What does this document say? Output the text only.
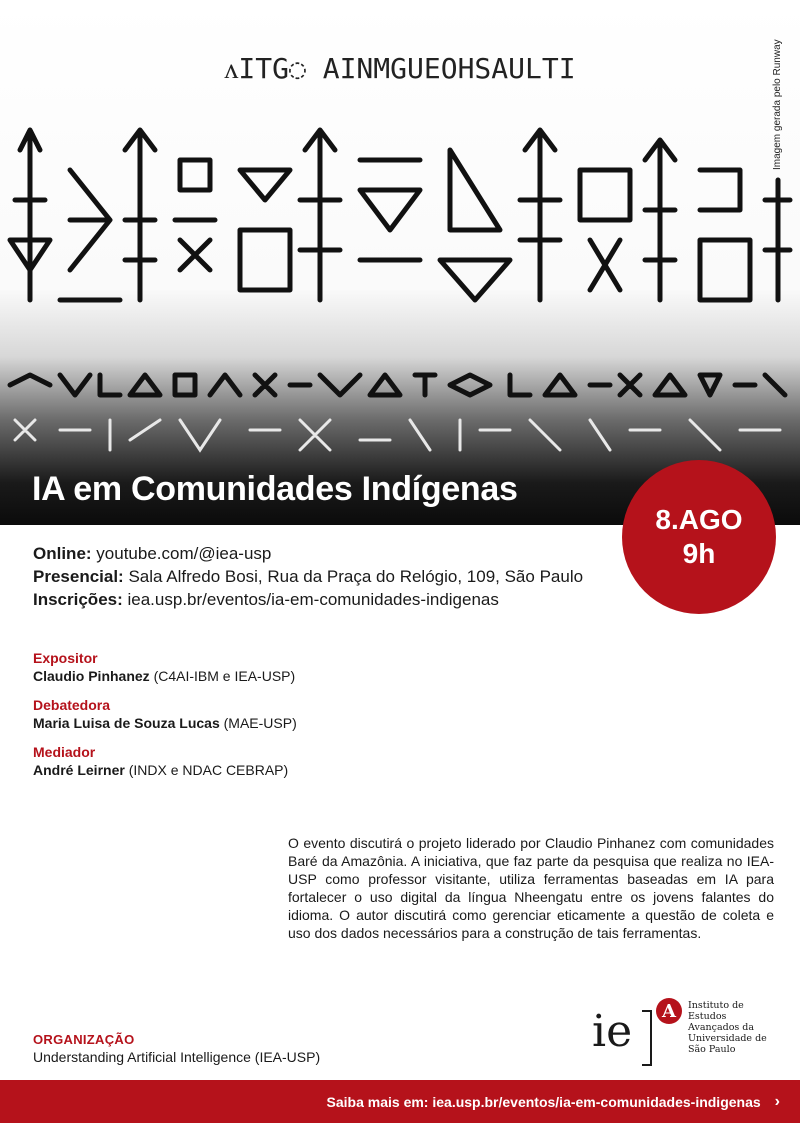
ᴧITG◌ AINMGUEOHSAULTI	Imagem gerada pelo Runway
IA em Comunidades Indígenas
8.AGO
9h
Online: youtube.com/@iea-usp
Presencial: Sala Alfredo Bosi, Rua da Praça do Relógio, 109, São Paulo
Inscrições: iea.usp.br/eventos/ia-em-comunidades-indigenas
Expositor
Claudio Pinhanez (C4AI-IBM e IEA-USP)
Debatedora
Maria Luisa de Souza Lucas (MAE-USP)
Mediador
André Leirner (INDX e NDAC CEBRAP)

O evento discutirá o projeto liderado por Claudio Pinhanez com comunidades Baré da Amazônia. A iniciativa, que faz parte da pesquisa que realiza no IEA-USP como professor visitante, utiliza ferramentas baseadas em IA para fortalecer o uso digital da língua Nheengatu entre os jovens falantes do idioma. O autor discutirá como gerenciar eticamente a questão de coleta e uso dos dados necessários para a construção de tais ferramentas.

ORGANIZAÇÃO
Understanding Artificial Intelligence (IEA-USP)	ie	A	Instituto de
Estudos
Avançados da
Universidade de
São Paulo
Saiba mais em: iea.usp.br/eventos/ia-em-comunidades-indigenas ›
